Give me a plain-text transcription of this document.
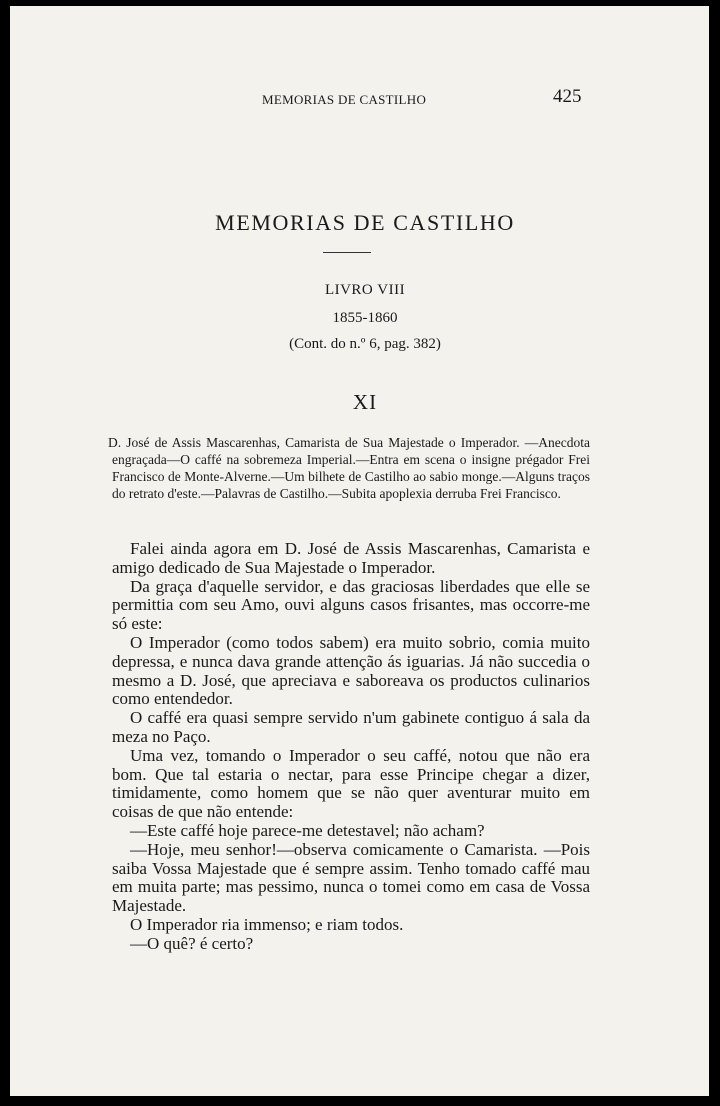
MEMORIAS DE CASTILHO	425
MEMORIAS DE CASTILHO
LIVRO VIII
1855-1860
(Cont. do n.º 6, pag. 382)
XI
D. José de Assis Mascarenhas, Camarista de Sua Majestade o Imperador. —Anecdota engraçada—O caffé na sobremeza Imperial.—Entra em scena o insigne prégador Frei Francisco de Monte-Alverne.—Um bilhete de Castilho ao sabio monge.—Alguns traços do retrato d'este.—Palavras de Castilho.—Subita apoplexia derruba Frei Francisco.

Falei ainda agora em D. José de Assis Mascarenhas, Camarista e amigo dedicado de Sua Majestade o Imperador.

Da graça d'aquelle servidor, e das graciosas liberdades que elle se permittia com seu Amo, ouvi alguns casos frisantes, mas occorre-me só este:

O Imperador (como todos sabem) era muito sobrio, comia muito depressa, e nunca dava grande attenção ás iguarias. Já não succedia o mesmo a D. José, que apreciava e saboreava os productos culinarios como entendedor.

O caffé era quasi sempre servido n'um gabinete contiguo á sala da meza no Paço.

Uma vez, tomando o Imperador o seu caffé, notou que não era bom. Que tal estaria o nectar, para esse Principe chegar a dizer, timidamente, como homem que se não quer aventurar muito em coisas de que não entende:

—Este caffé hoje parece-me detestavel; não acham?

—Hoje, meu senhor!—observa comicamente o Camarista. —Pois saiba Vossa Majestade que é sempre assim. Tenho tomado caffé mau em muita parte; mas pessimo, nunca o tomei como em casa de Vossa Majestade.

O Imperador ria immenso; e riam todos.

—O quê? é certo?
